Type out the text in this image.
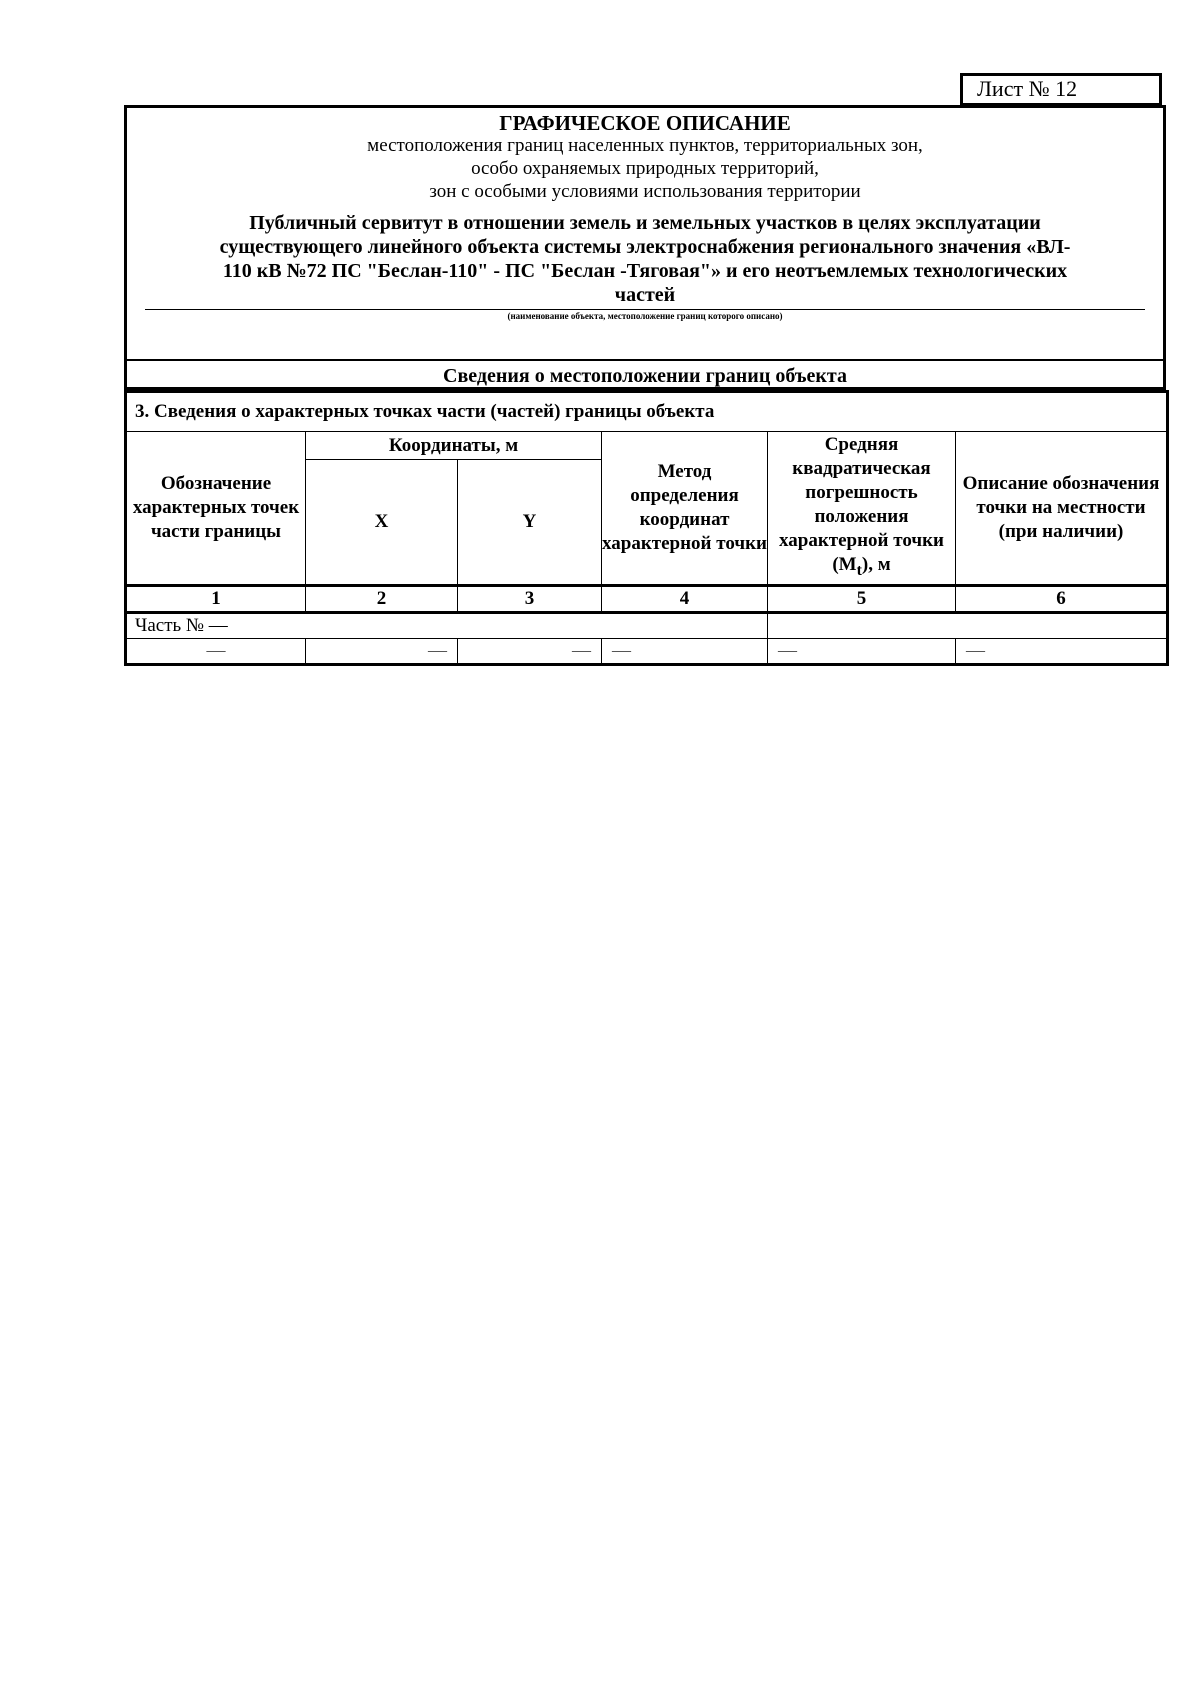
Лист № 12
ГРАФИЧЕСКОЕ ОПИСАНИЕ
местоположения границ населенных пунктов, территориальных зон,
особо охраняемых природных территорий,
зон с особыми условиями использования территории
Публичный сервитут в отношении земель и земельных участков в целях эксплуатации
существующего линейного объекта системы электроснабжения регионального значения «ВЛ-
110 кВ №72 ПС "Беслан-110" - ПС "Беслан -Тяговая"» и его неотъемлемых технологических
частей
(наименование объекта, местоположение границ которого описано)
Сведения о местоположении границ объекта
3. Сведения о характерных точках части (частей) границы объекта					
Обозначение характерных точек части границы	Координаты, м		Метод определения координат характерной точки	Средняя квадратическая погрешность положения характерной точки $(M_t)$, м	Описание обозначения точки на местности (при наличии)
	X	Y			
1	2	3	4	5	6
Часть № —					
—	—	—	—	—	—
